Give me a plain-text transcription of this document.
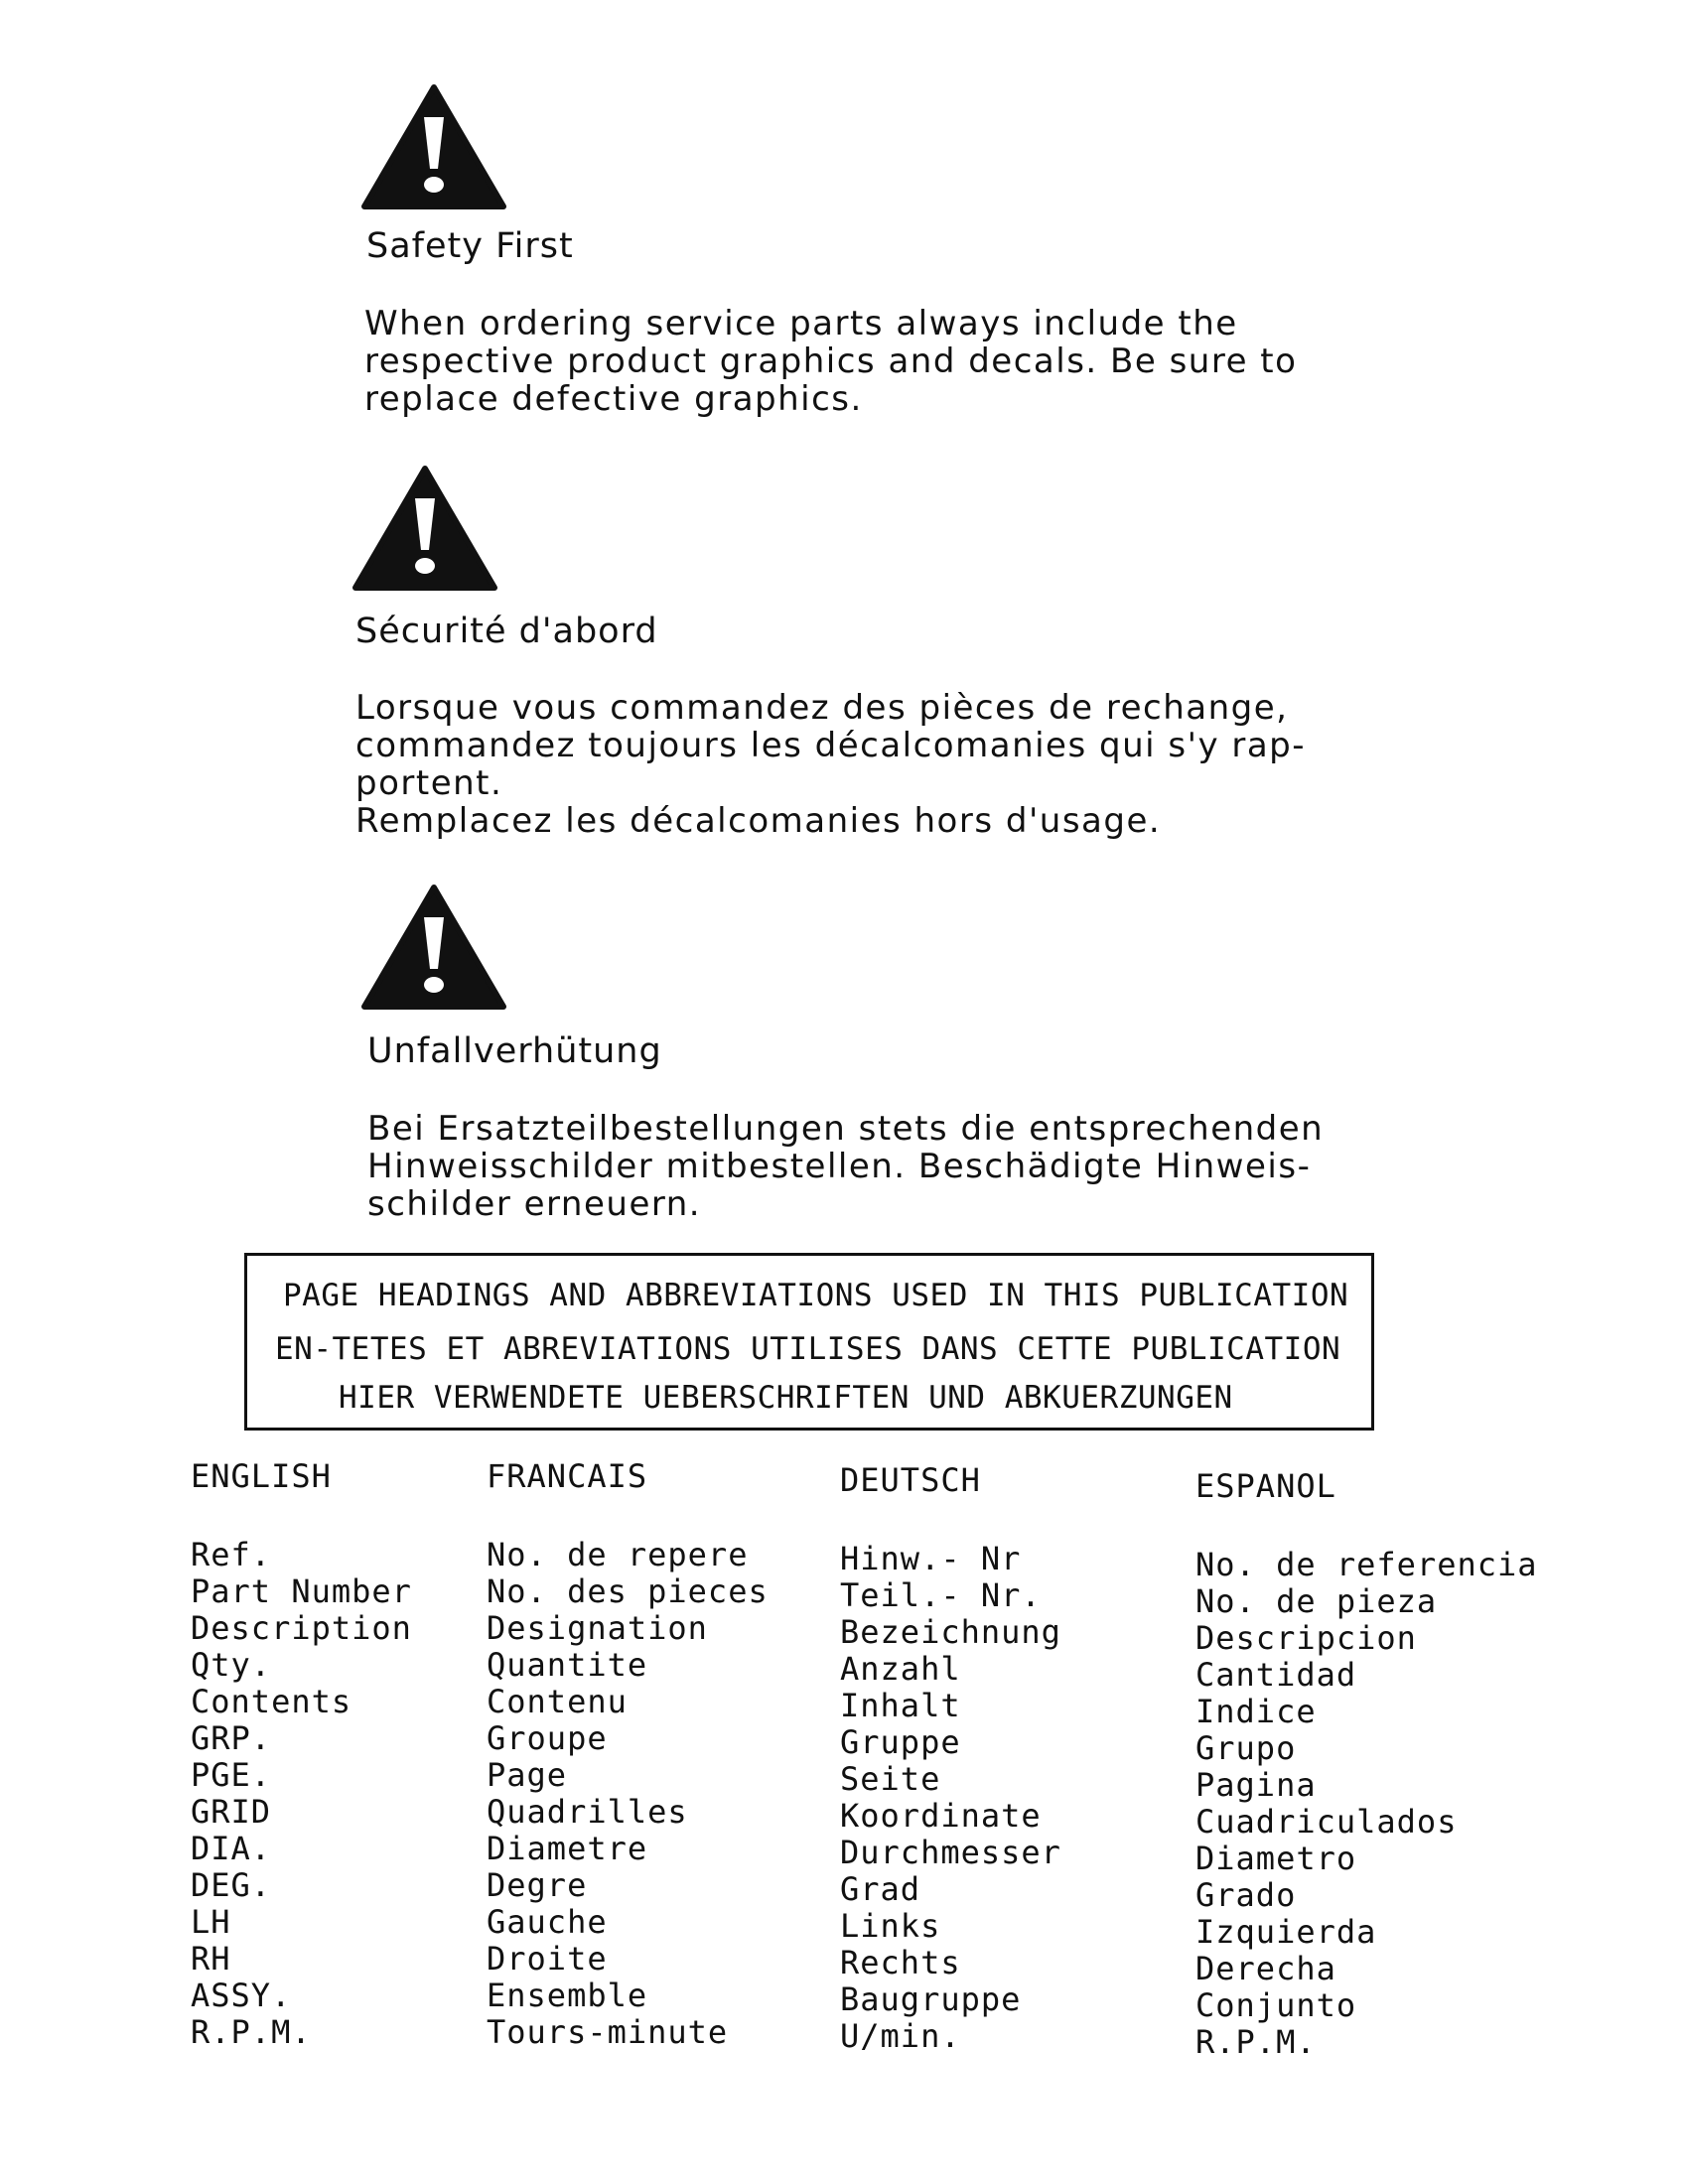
Safety First
When ordering service parts always include the
respective product graphics and decals. Be sure to
replace defective graphics.
Sécurité d'abord
Lorsque vous commandez des pièces de rechange,
commandez toujours les décalcomanies qui s'y rap-
portent.
Remplacez les décalcomanies hors d'usage.
Unfallverhütung
Bei Ersatzteilbestellungen stets die entsprechenden
Hinweisschilder mitbestellen. Beschädigte Hinweis-
schilder erneuern.
PAGE HEADINGS AND ABBREVIATIONS USED IN THIS PUBLICATION
EN-TETES ET ABREVIATIONS UTILISES DANS CETTE PUBLICATION
HIER VERWENDETE UEBERSCHRIFTEN UND ABKUERZUNGEN
ENGLISH
Ref.
Part Number
Description
Qty.
Contents
GRP.
PGE.
GRID
DIA.
DEG.
LH
RH
ASSY.
R.P.M.
FRANCAIS
No. de repere
No. des pieces
Designation
Quantite
Contenu
Groupe
Page
Quadrilles
Diametre
Degre
Gauche
Droite
Ensemble
Tours-minute
DEUTSCH
Hinw.- Nr
Teil.- Nr.
Bezeichnung
Anzahl
Inhalt
Gruppe
Seite
Koordinate
Durchmesser
Grad
Links
Rechts
Baugruppe
U/min.
ESPANOL
No. de referencia
No. de pieza
Descripcion
Cantidad
Indice
Grupo
Pagina
Cuadriculados
Diametro
Grado
Izquierda
Derecha
Conjunto
R.P.M.
